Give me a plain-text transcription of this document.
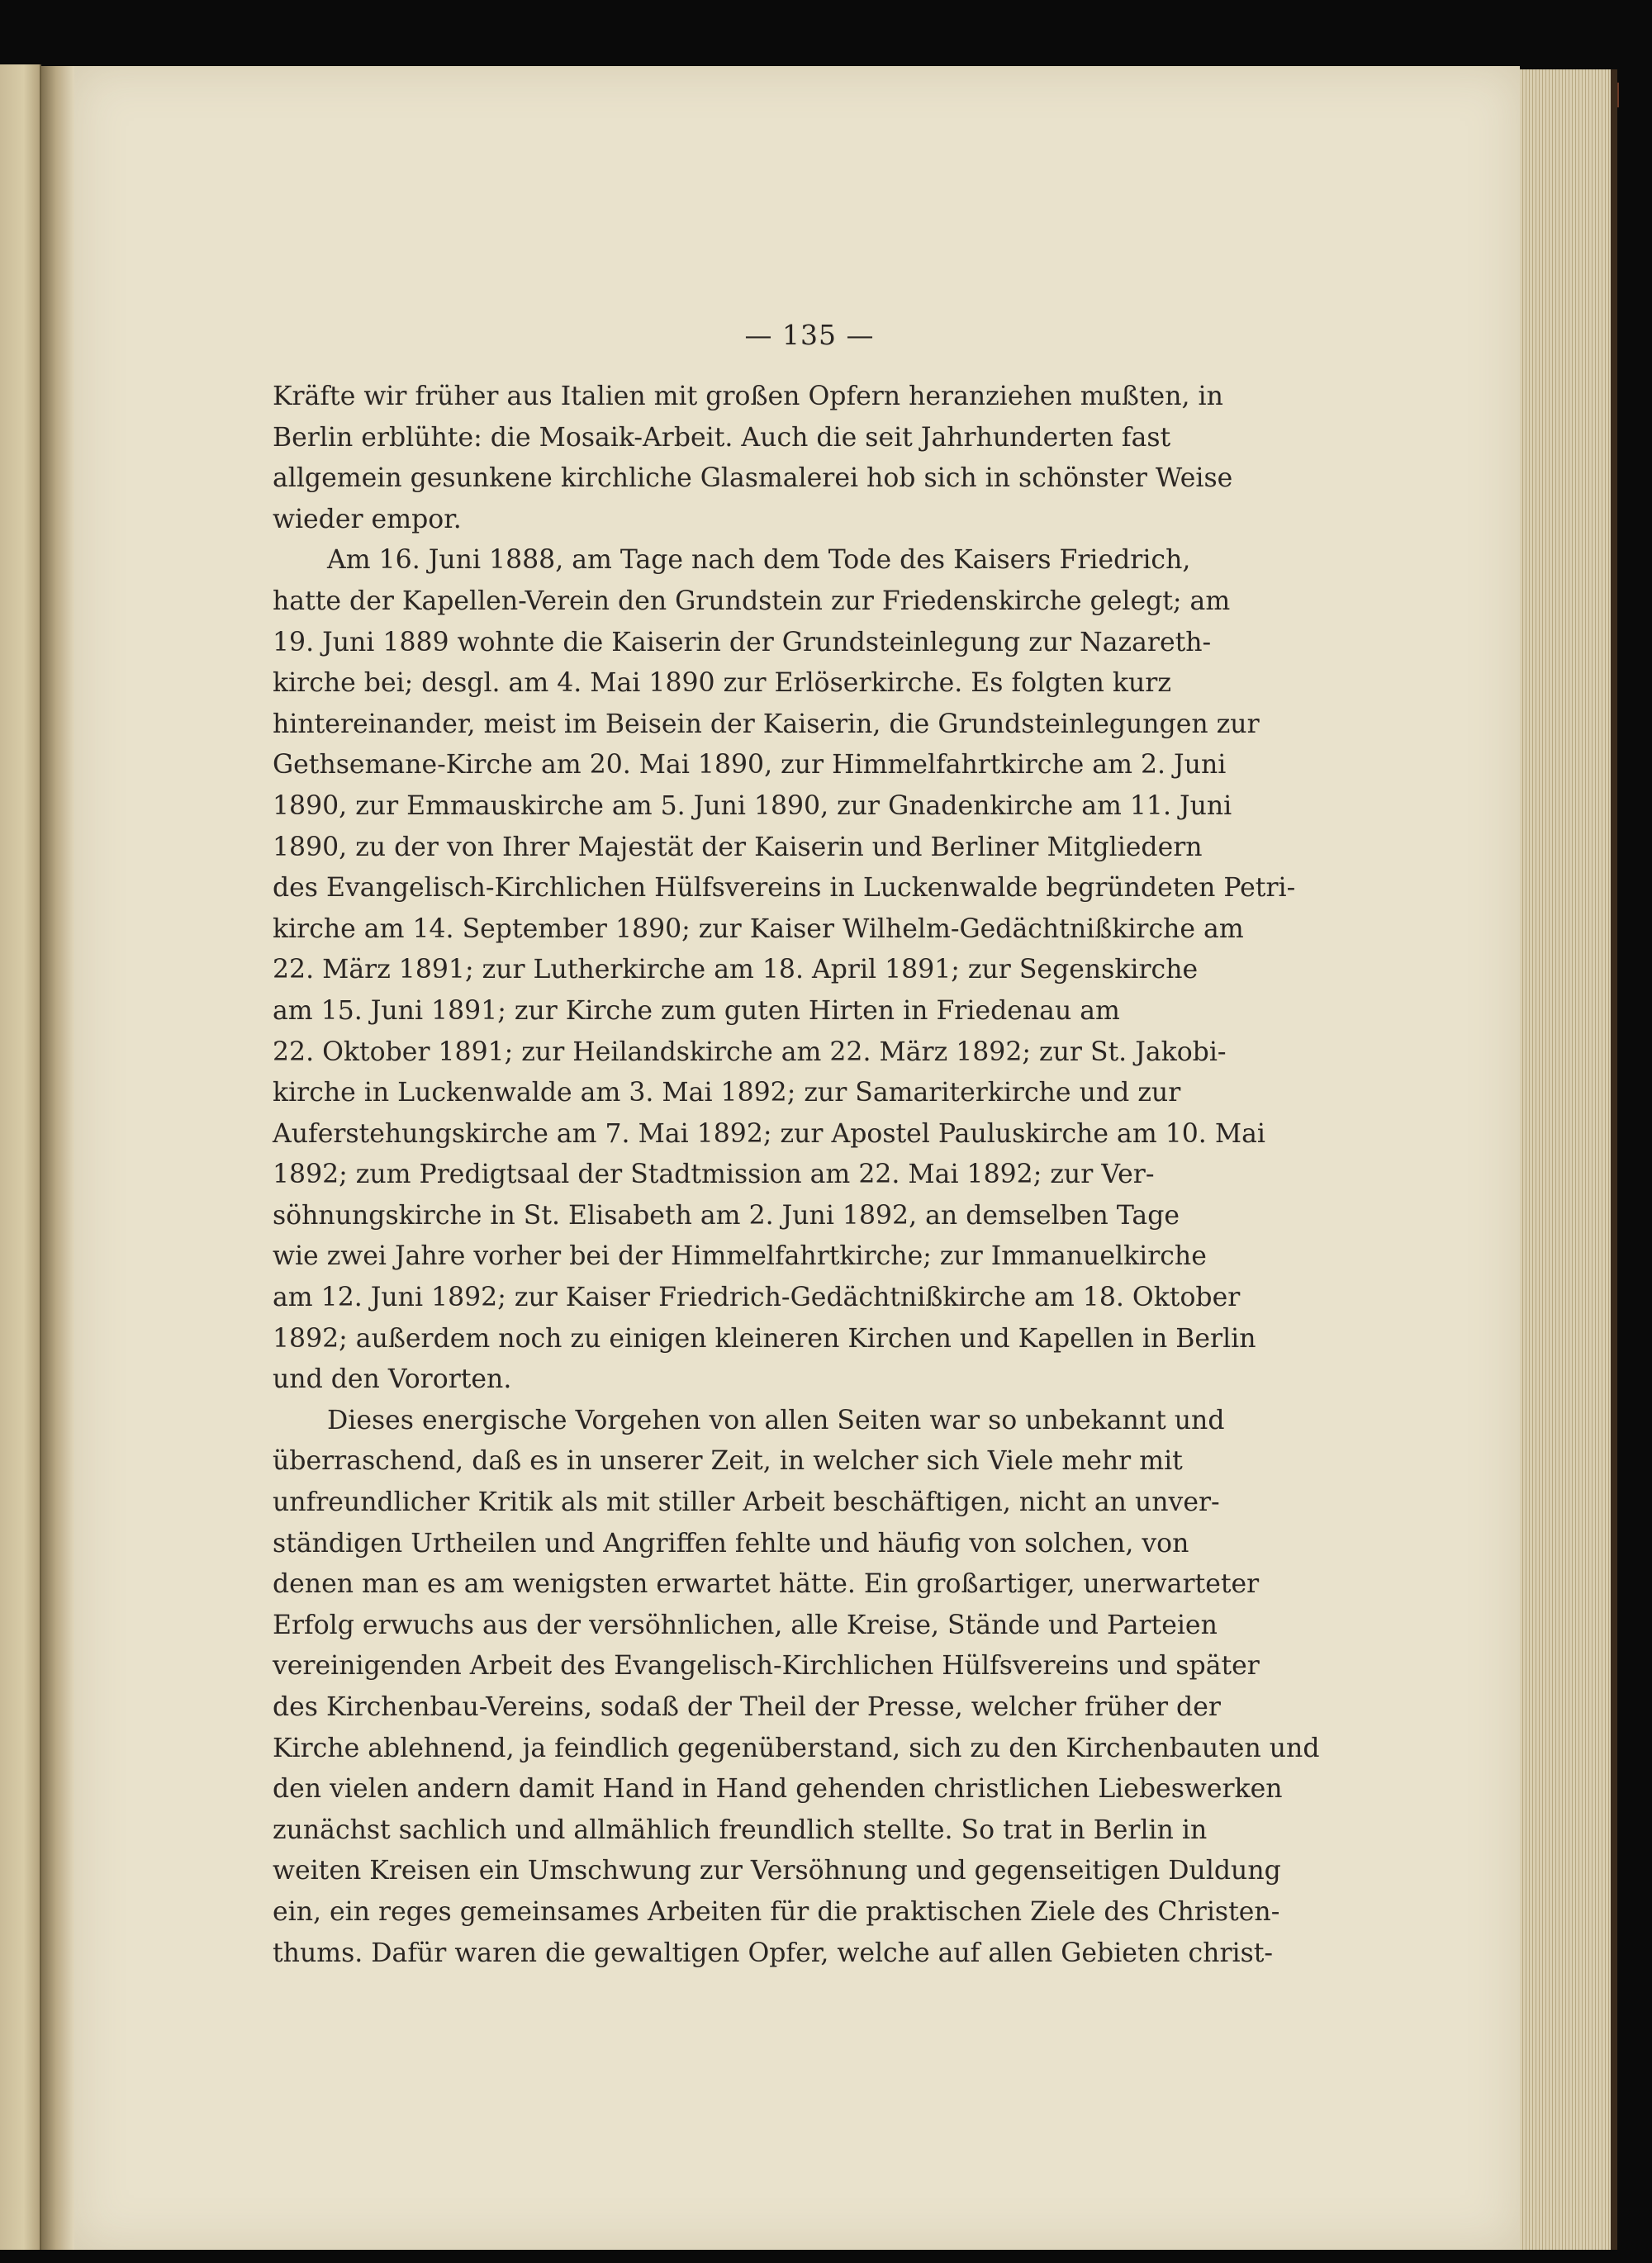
— 135 —
Kräfte wir früher aus Italien mit großen Opfern heranziehen mußten, in
Berlin erblühte: die Mosaik-Arbeit. Auch die seit Jahrhunderten fast
allgemein gesunkene kirchliche Glasmalerei hob sich in schönster Weise
wieder empor.
Am 16. Juni 1888, am Tage nach dem Tode des Kaisers Friedrich,
hatte der Kapellen-Verein den Grundstein zur Friedenskirche gelegt; am
19. Juni 1889 wohnte die Kaiserin der Grundsteinlegung zur Nazareth-
kirche bei; desgl. am 4. Mai 1890 zur Erlöserkirche. Es folgten kurz
hintereinander, meist im Beisein der Kaiserin, die Grundsteinlegungen zur
Gethsemane-Kirche am 20. Mai 1890, zur Himmelfahrtkirche am 2. Juni
1890, zur Emmauskirche am 5. Juni 1890, zur Gnadenkirche am 11. Juni
1890, zu der von Ihrer Majestät der Kaiserin und Berliner Mitgliedern
des Evangelisch-Kirchlichen Hülfsvereins in Luckenwalde begründeten Petri-
kirche am 14. September 1890; zur Kaiser Wilhelm-Gedächtnißkirche am
22. März 1891; zur Lutherkirche am 18. April 1891; zur Segenskirche
am 15. Juni 1891; zur Kirche zum guten Hirten in Friedenau am
22. Oktober 1891; zur Heilandskirche am 22. März 1892; zur St. Jakobi-
kirche in Luckenwalde am 3. Mai 1892; zur Samariterkirche und zur
Auferstehungskirche am 7. Mai 1892; zur Apostel Pauluskirche am 10. Mai
1892; zum Predigtsaal der Stadtmission am 22. Mai 1892; zur Ver-
söhnungskirche in St. Elisabeth am 2. Juni 1892, an demselben Tage
wie zwei Jahre vorher bei der Himmelfahrtkirche; zur Immanuelkirche
am 12. Juni 1892; zur Kaiser Friedrich-Gedächtnißkirche am 18. Oktober
1892; außerdem noch zu einigen kleineren Kirchen und Kapellen in Berlin
und den Vororten.
Dieses energische Vorgehen von allen Seiten war so unbekannt und
überraschend, daß es in unserer Zeit, in welcher sich Viele mehr mit
unfreundlicher Kritik als mit stiller Arbeit beschäftigen, nicht an unver-
ständigen Urtheilen und Angriffen fehlte und häufig von solchen, von
denen man es am wenigsten erwartet hätte. Ein großartiger, unerwarteter
Erfolg erwuchs aus der versöhnlichen, alle Kreise, Stände und Parteien
vereinigenden Arbeit des Evangelisch-Kirchlichen Hülfsvereins und später
des Kirchenbau-Vereins, sodaß der Theil der Presse, welcher früher der
Kirche ablehnend, ja feindlich gegenüberstand, sich zu den Kirchenbauten und
den vielen andern damit Hand in Hand gehenden christlichen Liebeswerken
zunächst sachlich und allmählich freundlich stellte. So trat in Berlin in
weiten Kreisen ein Umschwung zur Versöhnung und gegenseitigen Duldung
ein, ein reges gemeinsames Arbeiten für die praktischen Ziele des Christen-
thums. Dafür waren die gewaltigen Opfer, welche auf allen Gebieten christ-
